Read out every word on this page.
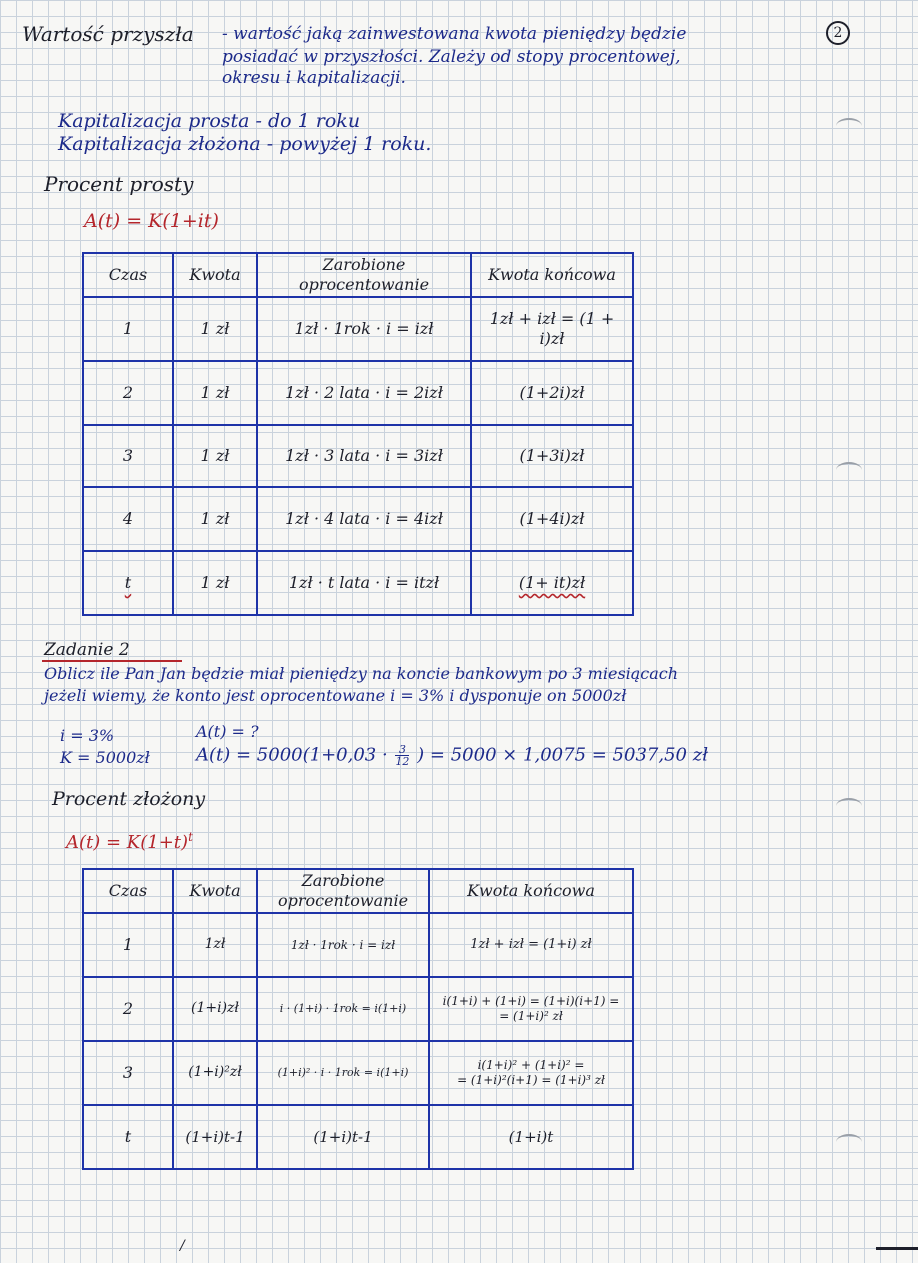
2
Wartość przyszła - wartość jaką zainwestowana kwota pieniędzy będzie
posiadać w przyszłości. Zależy od stopy procentowej,
okresu i kapitalizacji.
Kapitalizacja prosta - do 1 roku
Kapitalizacja złożona - powyżej 1 roku.
Procent prosty
A(t) = K(1+it)
Czas	Kwota	Zarobione oprocentowanie	Kwota końcowa
1	1 zł	1zł · 1rok · i = izł	1zł + izł = (1 + i)zł
2	1 zł	1zł · 2 lata · i = 2izł	(1+2i)zł
3	1 zł	1zł · 3 lata · i = 3izł	(1+3i)zł
4	1 zł	1zł · 4 lata · i = 4izł	(1+4i)zł
t	1 zł	1zł · t lata · i = itzł	(1+ it)zł
Zadanie 2
Oblicz ile Pan Jan będzie miał pieniędzy na koncie bankowym po 3 miesiącach
jeżeli wiemy, że konto jest oprocentowane i = 3% i dysponuje on 5000zł
i = 3%
K = 5000zł
A(t) = ?
$A(t) = 5000(1+0,03 \cdot \frac{3}{12}$ ) = 5000 × 1,0075 = 5037,50 zł
Procent złożony
$A(t) = K(1+t)^t$
Czas	Kwota	Zarobione oprocentowanie	Kwota końcowa
1	1zł	1zł · 1rok · i = izł	1zł + izł = (1+i) zł
2	(1+i)zł	i · (1+i) · 1rok = i(1+i)	i(1+i) + (1+i) = (1+i)(i+1) =
= (1+i)² zł

3	(1+i)²zł	(1+i)² · i · 1rok = i(1+i)	i(1+i)² + (1+i)² =
= (1+i)²(i+1) = (1+i)³ zł

t	(1+i)t-1	(1+i)t-1	(1+i)t
/
